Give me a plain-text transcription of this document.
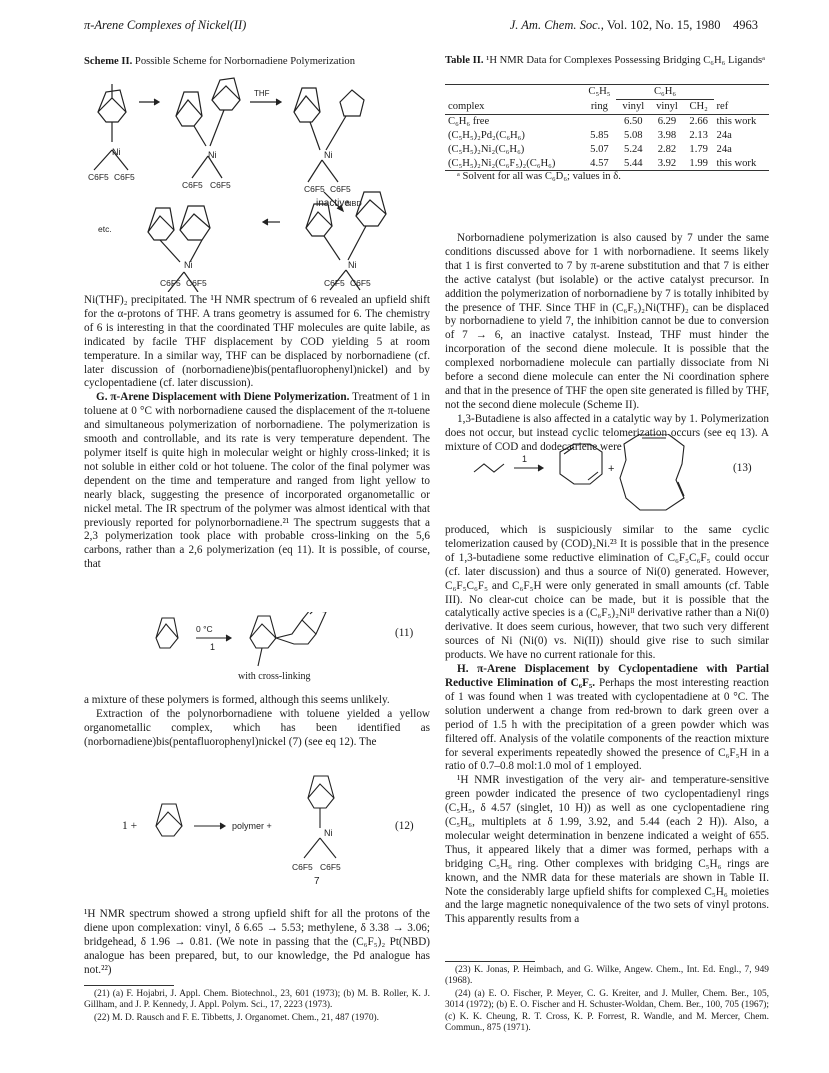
π-Arene Complexes of Nickel(II)	J. Am. Chem. Soc., Vol. 102, No. 15, 1980 4963
Scheme II. Possible Scheme for Norbornadiene Polymerization
Ni
C6F5 C6F5
Ni
C6F5 C6F5
THF
Ni
C6F5 C6F5
inactive
NBD
etc.
Ni
C6F5 C6F5
Ni
C6F5 C6F5

Ni(THF)₂ precipitated. The ¹H NMR spectrum of 6 revealed an upfield shift for the α-protons of THF. A trans geometry is assumed for 6. The chemistry of 6 is interesting in that the coordinated THF molecules are quite labile, as indicated by facile THF displacement by COD yielding 5 at room temperature. In a similar way, THF can be displaced by norbornadiene (cf. later discussion of (norbornadiene)bis(pentafluorophenyl)nickel) and by cyclopentadiene (cf. later discussion).

G. π-Arene Displacement with Diene Polymerization. Treatment of 1 in toluene at 0 °C with norbornadiene caused the displacement of the π-toluene and simultaneous polymerization of norbornadiene. The polymerization is smooth and controllable, and its rate is very temperature dependent. The polymer itself is quite high in molecular weight or highly cross-linked; it is not soluble in either cold or hot toluene. The color of the final polymer was dependent on the time and temperature and ranged from light yellow to nearly black, suggesting the presence of incorporated organometallic or nickel metal. The IR spectrum of the polymer was almost identical with that previously reported for polynorbornadiene.²¹ The spectrum suggests that a 2,3 polymerization took place with probable cross-linking on the 5,6 carbons, rather than a 2,6 polymerization (eq 11). It is possible, of course, that

0 °C
1
(11)
with cross-linking

a mixture of these polymers is formed, although this seems unlikely.

Extraction of the polynorbornadiene with toluene yielded a yellow organometallic complex, which has been identified as (norbornadiene)bis(pentafluorophenyl)nickel (7) (see eq 12). The

1 +	polymer +
Ni
C6F5 C6F5
7
(12)

¹H NMR spectrum showed a strong upfield shift for all the protons of the diene upon complexation: vinyl, δ 6.65 → 5.53; methylene, δ 3.38 → 3.06; bridgehead, δ 1.96 → 0.81. (We note in passing that the (C₆F₅)₂ Pt(NBD) analogue has been prepared, but, to our knowledge, the Pd analogue has not.²²)

(21) (a) F. Hojabri, J. Appl. Chem. Biotechnol., 23, 601 (1973); (b) M. B. Roller, K. J. Gillham, and J. P. Kennedy, J. Appl. Polym. Sci., 17, 2223 (1973).

(22) M. D. Rausch and F. E. Tibbetts, J. Organomet. Chem., 21, 487 (1970).

Table II. ¹H NMR Data for Complexes Possessing Bridging C₆H₆ Ligandsᵃ
	C₅H₅	C₆H₆			
complex	ring	vinyl	vinyl	CH₂	ref
C₆H₆ free		6.50	6.29	2.66	this work
(C₅H₅)₂Pd₂(C₆H₆)	5.85	5.08	3.98	2.13	24a
(C₅H₅)₂Ni₂(C₆H₆)	5.07	5.24	2.82	1.79	24a
(C₅H₅)₂Ni₂(C₆F₅)₂(C₆H₆)	4.57	5.44	3.92	1.99	this work
ᵃ Solvent for all was C₆D₆; values in δ.

Norbornadiene polymerization is also caused by 7 under the same conditions discussed above for 1 with norbornadiene. It seems likely that 1 is first converted to 7 by π-arene substitution and that 7 is either the active catalyst (but isolable) or the active catalyst precursor. In addition the polymerization of norbornadiene by 7 is totally inhibited by the presence of THF. Since THF in (C₆F₅)₂Ni(THF)₂ can be displaced by norbornadiene to yield 7, the inhibition cannot be due to conversion of 7 → 6, an inactive catalyst. Instead, THF must hinder the incorporation of the second diene molecule. It is possible that the complexed norbornadiene molecule can partially dissociate from Ni before a second diene molecule can enter the Ni coordination sphere and that in the presence of THF the open site generated is filled by THF, not the second diene molecule (Scheme II).

1,3-Butadiene is also affected in a catalytic way by 1. Polymerization does not occur, but instead cyclic telomerization occurs (see eq 13). A mixture of COD and dodecatriene were

1
+	(13)

produced, which is suspiciously similar to the same cyclic telomerization caused by (COD)₂Ni.²³ It is possible that in the presence of 1,3-butadiene some reductive elimination of C₆F₅C₆F₅ could occur (cf. later discussion) and thus a source of Ni(0) generated. However, C₆F₅C₆F₅ and C₆F₅H were only generated in small amounts (cf. Table III). No clear-cut choice can be made, but it is possible that the catalytically active species is a (C₆F₅)₂Niᴵᴵ derivative rather than a Ni(0) derivative. It does seem curious, however, that two such very different sources of Ni (Ni(0) vs. Ni(II)) should give rise to such similar products. We have no current rationale for this.

H. π-Arene Displacement by Cyclopentadiene with Partial Reductive Elimination of C₆F₅. Perhaps the most interesting reaction of 1 was found when 1 was treated with cyclopentadiene at 0 °C. The solution underwent a change from red-brown to dark green over a period of 1.5 h with the precipitation of a green powder which was filtered off. Analysis of the volatile components of the reaction mixture for several experiments repeatedly showed the presence of C₆F₅H in a ratio of 0.7–0.8 mol:1.0 mol of 1 employed.

¹H NMR investigation of the very air- and temperature-sensitive green powder indicated the presence of two cyclopentadienyl rings (C₅H₅, δ 4.57 (singlet, 10 H)) as well as one cyclopentadiene ring (C₅H₆, multiplets at δ 1.99, 3.92, and 5.44 (each 2 H)). Also, a molecular weight determination in benzene indicated a weight of 655. Thus, it appeared likely that a dimer was formed, perhaps with a bridging C₅H₆ ring. Other complexes with bridging C₅H₆ rings are known, and the NMR data for these materials are shown in Table II. Note the considerably large upfield shifts for complexed C₅H₆ moieties and the large magnetic nonequivalence of the two sets of vinyl protons. This apparently results from a

(23) K. Jonas, P. Heimbach, and G. Wilke, Angew. Chem., Int. Ed. Engl., 7, 949 (1968).

(24) (a) E. O. Fischer, P. Meyer, C. G. Kreiter, and J. Muller, Chem. Ber., 105, 3014 (1972); (b) E. O. Fischer and H. Schuster-Woldan, Chem. Ber., 100, 705 (1967); (c) K. K. Cheung, R. T. Cross, K. P. Forrest, R. Wandle, and M. Mercer, Chem. Commun., 875 (1971).
